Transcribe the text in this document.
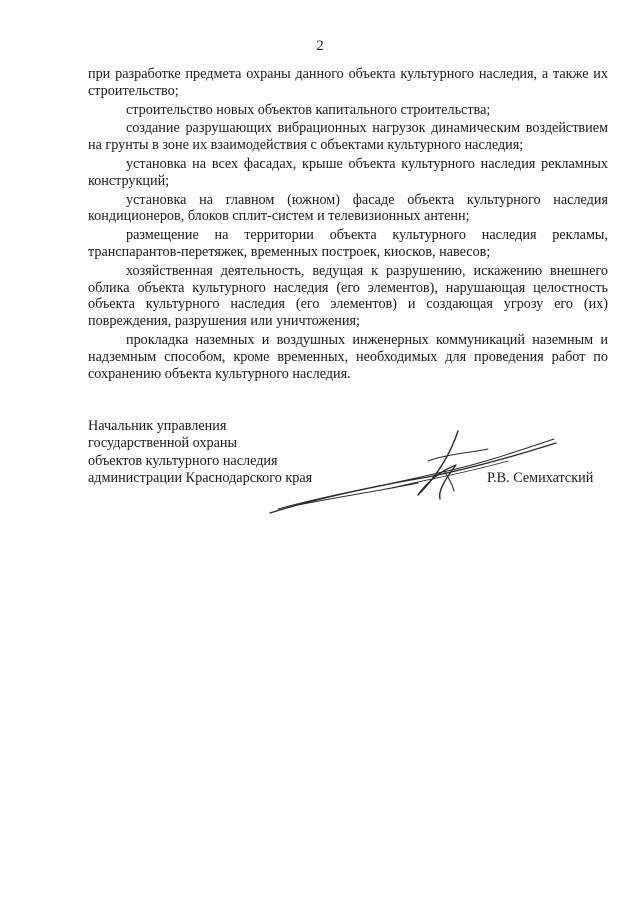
2

при разработке предмета охраны данного объекта культурного наследия, а также их строительство;

строительство новых объектов капитального строительства;

создание разрушающих вибрационных нагрузок динамическим воздействием на грунты в зоне их взаимодействия с объектами культурного наследия;

установка на всех фасадах, крыше объекта культурного наследия рекламных конструкций;

установка на главном (южном) фасаде объекта культурного наследия кондиционеров, блоков сплит-систем и телевизионных антенн;

размещение на территории объекта культурного наследия рекламы, транспарантов-перетяжек, временных построек, киосков, навесов;

хозяйственная деятельность, ведущая к разрушению, искажению внешнего облика объекта культурного наследия (его элементов), нарушающая целостность объекта культурного наследия (его элементов) и создающая угрозу его (их) повреждения, разрушения или уничтожения;

прокладка наземных и воздушных инженерных коммуникаций наземным и надземным способом, кроме временных, необходимых для проведения работ по сохранению объекта культурного наследия.

Начальник управления
государственной охраны
объектов культурного наследия
администрации Краснодарского края	Р.В. Семихатский
